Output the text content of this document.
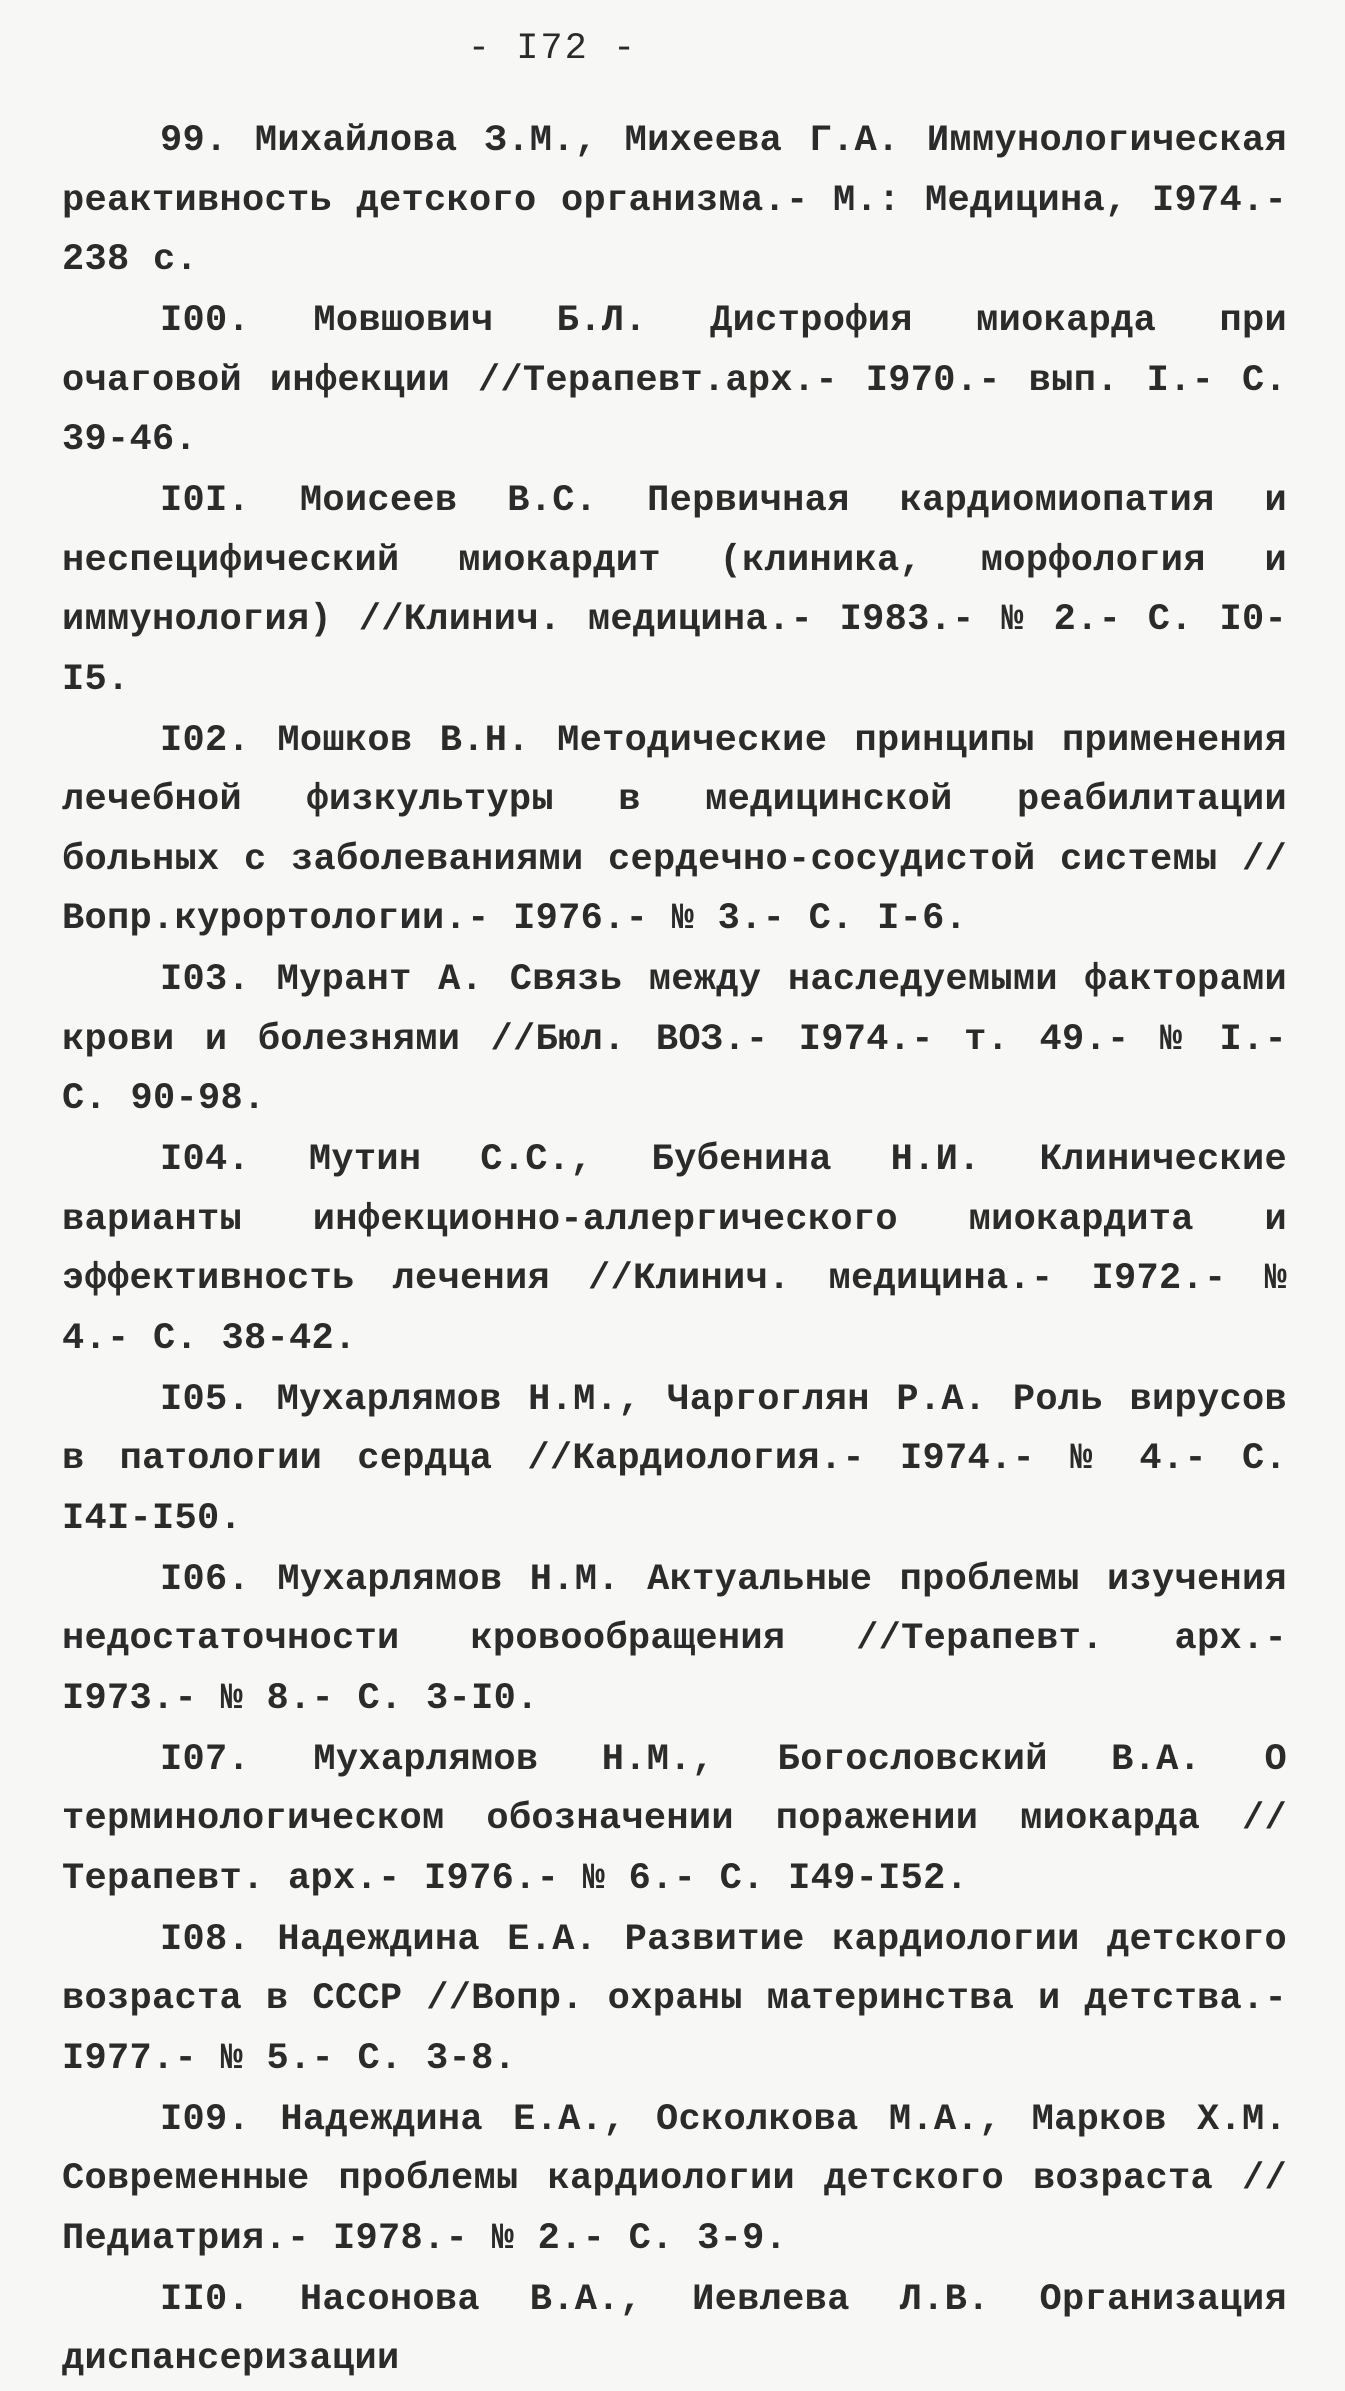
- I72 -

99. Михайлова З.М., Михеева Г.А. Иммунологическая реактивность детского организма.- М.: Медицина, I974.- 238 с.

I00. Мовшович Б.Л. Дистрофия миокарда при очаговой инфекции //Терапевт.арх.- I970.- вып. I.- С. 39-46.

I0I. Моисеев В.С. Первичная кардиомиопатия и неспецифический миокардит (клиника, морфология и иммунология) //Клинич. медицина.- I983.- № 2.- С. I0-I5.

I02. Мошков В.Н. Методические принципы применения лечебной физкультуры в медицинской реабилитации больных с заболеваниями сердечно-сосудистой системы //Вопр.курортологии.- I976.- № 3.- С. I-6.

I03. Мурант А. Связь между наследуемыми факторами крови и болезнями //Бюл. ВОЗ.- I974.- т. 49.- № I.- С. 90-98.

I04. Мутин С.С., Бубенина Н.И. Клинические варианты инфекционно-аллергического миокардита и эффективность лечения //Клинич. медицина.- I972.- № 4.- С. 38-42.

I05. Мухарлямов Н.М., Чаргоглян Р.А. Роль вирусов в патологии сердца //Кардиология.- I974.- № 4.- С. I4I-I50.

I06. Мухарлямов Н.М. Актуальные проблемы изучения недостаточности кровообращения //Терапевт. арх.- I973.- № 8.- С. 3-I0.

I07. Мухарлямов Н.М., Богословский В.А. О терминологическом обозначении поражении миокарда //Терапевт. арх.- I976.- № 6.- С. I49-I52.

I08. Надеждина Е.А. Развитие кардиологии детского возраста в СССР //Вопр. охраны материнства и детства.- I977.- № 5.- С. 3-8.

I09. Надеждина Е.А., Осколкова М.А., Марков Х.М. Современные проблемы кардиологии детского возраста //Педиатрия.- I978.- № 2.- С. 3-9.

II0. Насонова В.А., Иевлева Л.В. Организация диспансеризации
